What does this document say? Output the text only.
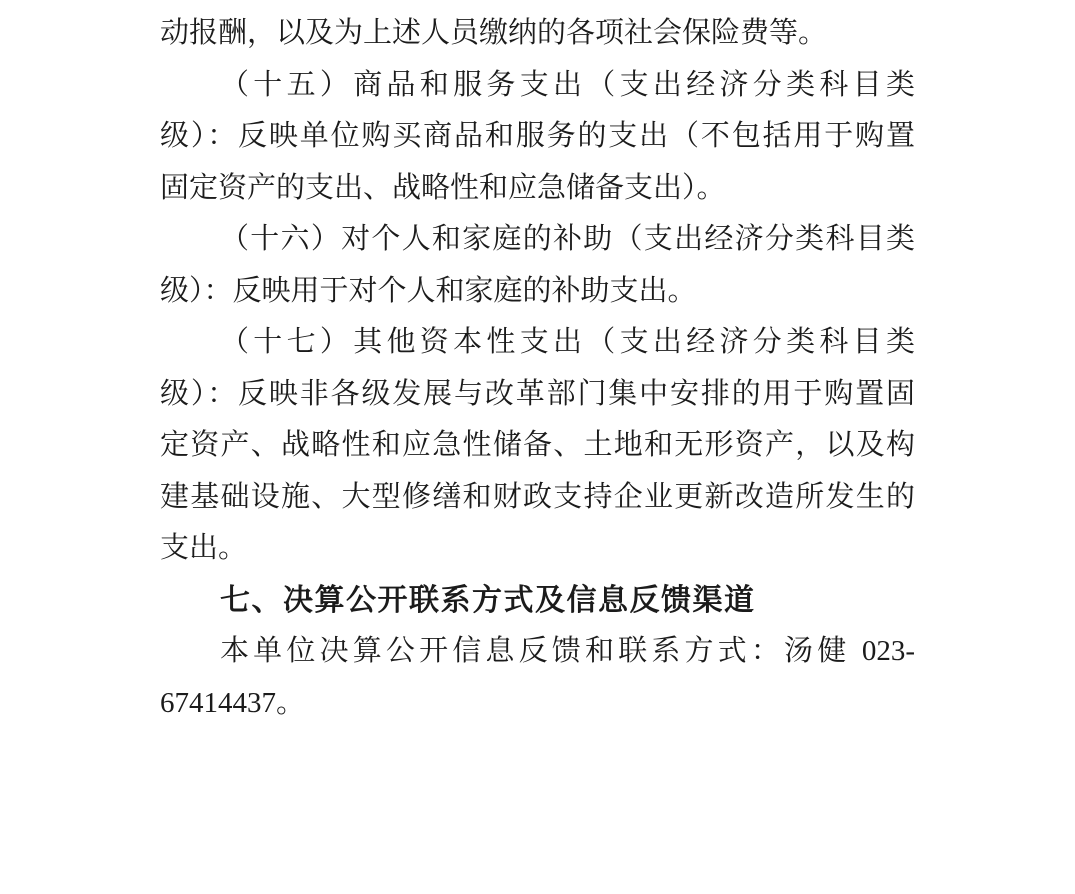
动报酬，以及为上述人员缴纳的各项社会保险费等。
（十五）商品和服务支出（支出经济分类科目类
级）：反映单位购买商品和服务的支出（不包括用于购置
固定资产的支出、战略性和应急储备支出）。
（十六）对个人和家庭的补助（支出经济分类科目类
级）：反映用于对个人和家庭的补助支出。
（十七）其他资本性支出（支出经济分类科目类
级）：反映非各级发展与改革部门集中安排的用于购置固
定资产、战略性和应急性储备、土地和无形资产，以及构
建基础设施、大型修缮和财政支持企业更新改造所发生的
支出。
七、决算公开联系方式及信息反馈渠道
本单位决算公开信息反馈和联系方式：汤健 023-
67414437。
